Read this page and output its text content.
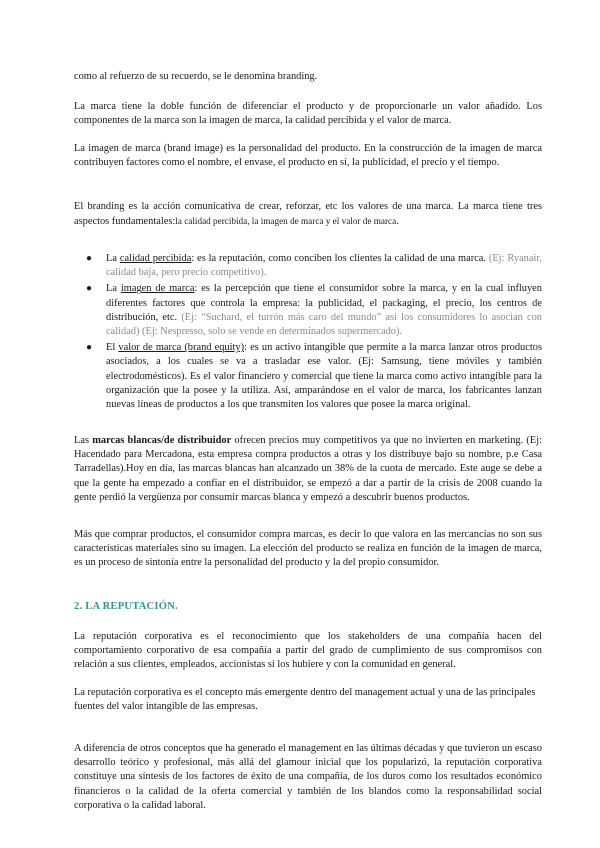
como al refuerzo de su recuerdo, se le denomina branding.

La marca tiene la doble función de diferenciar el producto y de proporcionarle un valor añadido. Los componentes de la marca son la imagen de marca, la calidad percibida y el valor de marca.

La imagen de marca (brand image) es la personalidad del producto. En la construcción de la imagen de marca contribuyen factores como el nombre, el envase, el producto en sí, la publicidad, el precio y el tiempo.

El branding es la acción comunicativa de crear, reforzar, etc los valores de una marca. La marca tiene tres aspectos fundamentales:la calidad percibida, la imagen de marca y el valor de marca.

● La calidad percibida: es la reputación, como conciben los clientes la calidad de una marca. (Ej: Ryanair, calidad baja, pero precio competitivo).
● La imagen de marca: es la percepción que tiene el consumidor sobre la marca, y en la cual influyen diferentes factores que controla la empresa: la publicidad, el packaging, el precio, los centros de distribución, etc. (Ej: “Suchard, el turrón más caro del mundo” así los consumidores lo asocian con calidad) (Ej: Nespresso, solo se vende en determinados supermercado).
● El valor de marca (brand equity): es un activo intangible que permite a la marca lanzar otros productos asociados, a los cuales se va a trasladar ese valor. (Ej: Samsung, tiene móviles y también electrodomésticos). Es el valor financiero y comercial que tiene la marca como activo intangible para la organización que la posee y la utiliza. Así, amparándose en el valor de marca, los fabricantes lanzan nuevas líneas de productos a los que transmiten los valores que posee la marca original.

Las marcas blancas/de distribuidor ofrecen precios muy competitivos ya que no invierten en marketing. (Ej: Hacendado para Mercadona, esta empresa compra productos a otras y los distribuye bajo su nombre, p.e Casa Tarradellas).Hoy en día, las marcas blancas han alcanzado un 38% de la cuota de mercado. Este auge se debe a que la gente ha empezado a confiar en el distribuidor, se empezó a dar a partir de la crisis de 2008 cuando la gente perdió la vergüenza por consumir marcas blanca y empezó a descubrir buenos productos.

Más que comprar productos, el consumidor compra marcas, es decir lo que valora en las mercancías no son sus características materiales sino su imagen. La elección del producto se realiza en función de la imagen de marca, es un proceso de sintonía entre la personalidad del producto y la del propio consumidor.

2. LA REPUTACIÓN.

La reputación corporativa es el reconocimiento que los stakeholders de una compañía hacen del comportamiento corporativo de esa compañía a partir del grado de cumplimiento de sus compromisos con relación a sus clientes, empleados, accionistas si los hubiere y con la comunidad en general.

La reputación corporativa es el concepto más emergente dentro del management actual y una de las principales fuentes del valor intangible de las empresas.

A diferencia de otros conceptos que ha generado el management en las últimas décadas y que tuvieron un escaso desarrollo teórico y profesional, más allá del glamour inicial que los popularizó, la reputación corporativa constituye una síntesis de los factores de éxito de una compañía, de los duros como los resultados económico financieros o la calidad de la oferta comercial y también de los blandos como la responsabilidad social corporativa o la calidad laboral.
